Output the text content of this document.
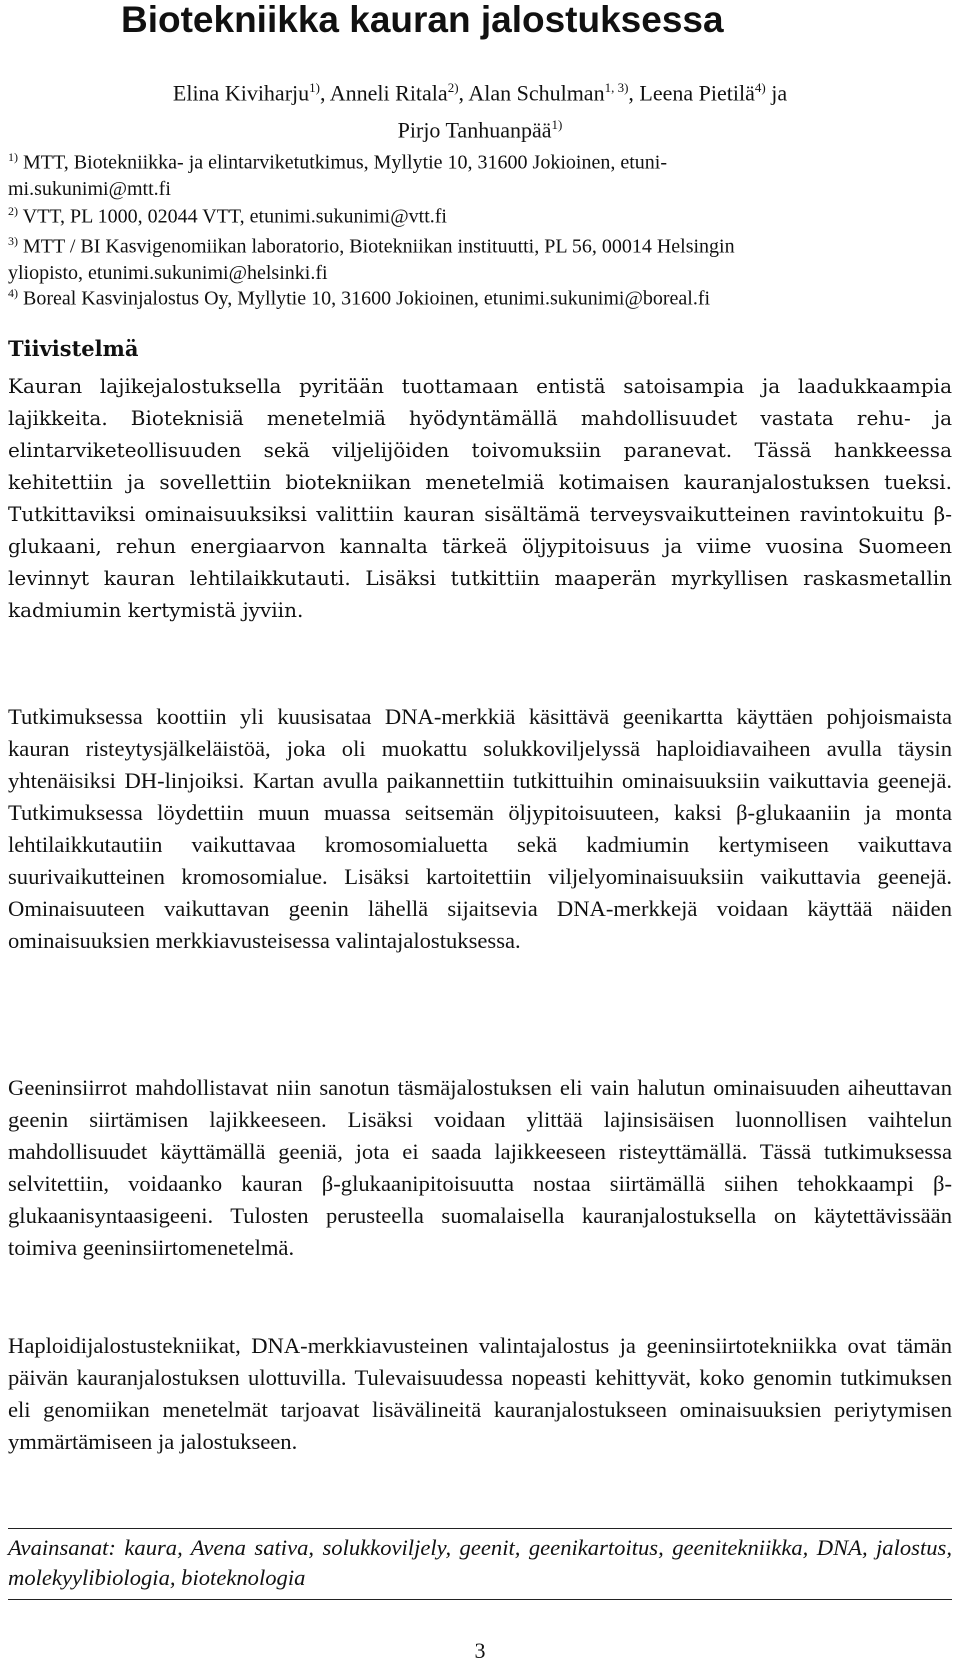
Biotekniikka kauran jalostuksessa
Elina Kiviharju$^{1)}$, Anneli Ritala$^{2)}$, Alan Schulman$^{1, 3)}$, Leena Pietilä$^{4)}$ ja
Pirjo Tanhuanpää$^{1)}$
$^{1)}$ MTT, Biotekniikka- ja elintarviketutkimus, Myllytie 10, 31600 Jokioinen, etuni-
mi.sukunimi@mtt.fi
$^{2)}$ VTT, PL 1000, 02044 VTT, etunimi.sukunimi@vtt.fi
$^{3)}$ MTT / BI Kasvigenomiikan laboratorio, Biotekniikan instituutti, PL 56, 00014 Helsingin
yliopisto, etunimi.sukunimi@helsinki.fi
$^{4)}$ Boreal Kasvinjalostus Oy, Myllytie 10, 31600 Jokioinen, etunimi.sukunimi@boreal.fi
Tiivistelmä

Kauran lajikejalostuksella pyritään tuottamaan entistä satoisampia ja laadukkaampia lajikkeita. Bioteknisiä menetelmiä hyödyntämällä mahdollisuudet vastata rehu- ja elintarviketeollisuuden sekä viljelijöiden toivomuksiin paranevat. Tässä hankkeessa kehitettiin ja sovellettiin biotekniikan menetelmiä kotimaisen kauranjalostuksen tueksi. Tutkittaviksi ominaisuuksiksi valittiin kauran sisältämä terveysvaikutteinen ravintokuitu β-glukaani, rehun energiaarvon kannalta tärkeä öljypitoisuus ja viime vuosina Suomeen levinnyt kauran lehtilaikkutauti. Lisäksi tutkittiin maaperän myrkyllisen raskasmetallin kadmiumin kertymistä jyviin.

Tutkimuksessa koottiin yli kuusisataa DNA-merkkiä käsittävä geenikartta käyttäen pohjoismaista kauran risteytysjälkeläistöä, joka oli muokattu solukkoviljelyssä haploidiavaiheen avulla täysin yhtenäisiksi DH-linjoiksi. Kartan avulla paikannettiin tutkittuihin ominaisuuksiin vaikuttavia geenejä. Tutkimuksessa löydettiin muun muassa seitsemän öljypitoisuuteen, kaksi β-glukaaniin ja monta lehtilaikkutautiin vaikuttavaa kromosomialuetta sekä kadmiumin kertymiseen vaikuttava suurivaikutteinen kromosomialue. Lisäksi kartoitettiin viljelyominaisuuksiin vaikuttavia geenejä. Ominaisuuteen vaikuttavan geenin lähellä sijaitsevia DNA-merkkejä voidaan käyttää näiden ominaisuuksien merkkiavusteisessa valintajalostuksessa.

Geeninsiirrot mahdollistavat niin sanotun täsmäjalostuksen eli vain halutun ominaisuuden aiheuttavan geenin siirtämisen lajikkeeseen. Lisäksi voidaan ylittää lajinsisäisen luonnollisen vaihtelun mahdollisuudet käyttämällä geeniä, jota ei saada lajikkeeseen risteyttämällä. Tässä tutkimuksessa selvitettiin, voidaanko kauran β-glukaanipitoisuutta nostaa siirtämällä siihen tehokkaampi β-glukaanisyntaasigeeni. Tulosten perusteella suomalaisella kauranjalostuksella on käytettävissään toimiva geeninsiirtomenetelmä.

Haploidijalostustekniikat, DNA-merkkiavusteinen valintajalostus ja geeninsiirtotekniikka ovat tämän päivän kauranjalostuksen ulottuvilla. Tulevaisuudessa nopeasti kehittyvät, koko genomin tutkimuksen eli genomiikan menetelmät tarjoavat lisävälineitä kauranjalostukseen ominaisuuksien periytymisen ymmärtämiseen ja jalostukseen.

Avainsanat: kaura, Avena sativa, solukkoviljely, geenit, geenikartoitus, geenitekniikka, DNA, jalostus, molekyylibiologia, bioteknologia
3
